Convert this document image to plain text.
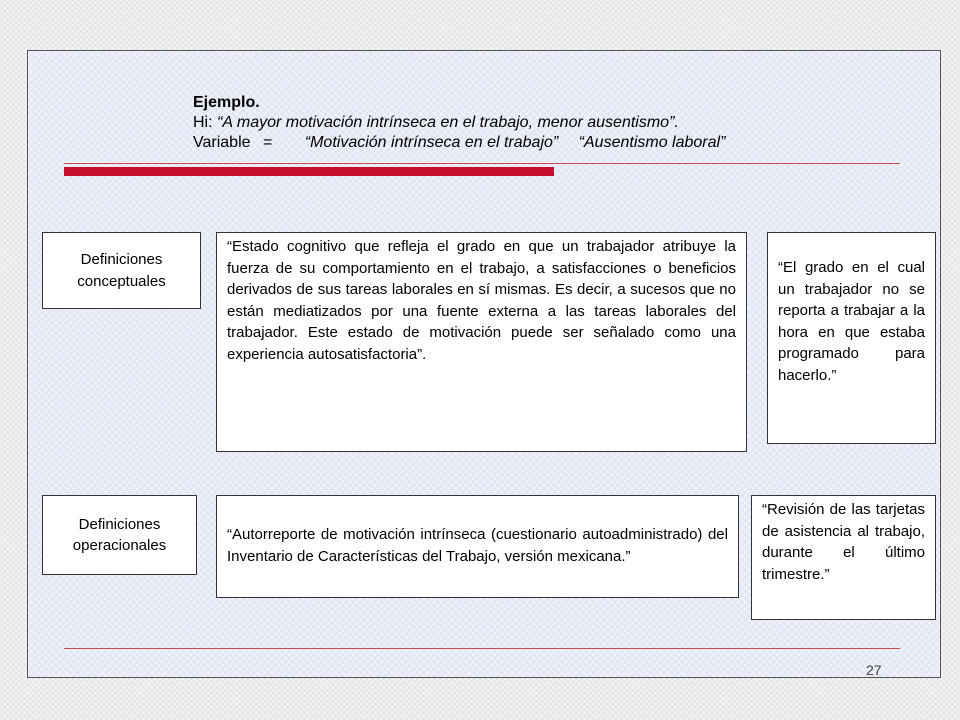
Ejemplo.
Hi: “A mayor motivación intrínseca en el trabajo, menor ausentismo”.
Variable = “Motivación intrínseca en el trabajo” “Ausentismo laboral”
Definiciones conceptuales
“Estado cognitivo que refleja el grado en que un trabajador atribuye la fuerza de su comportamiento en el trabajo, a satisfacciones o beneficios derivados de sus tareas laborales en sí mismas. Es decir, a sucesos que no están mediatizados por una fuente externa a las tareas laborales del trabajador. Este estado de motivación puede ser señalado como una experiencia autosatisfactoria”.
“El grado en el cual un trabajador no se reporta a trabajar a la hora en que estaba programado para hacerlo.”
Definiciones operacionales
“Autorreporte de motivación intrínseca (cuestionario autoadministrado) del Inventario de Características del Trabajo, versión mexicana.”
“Revisión de las tarjetas de asistencia al trabajo, durante el último trimestre.”
27
